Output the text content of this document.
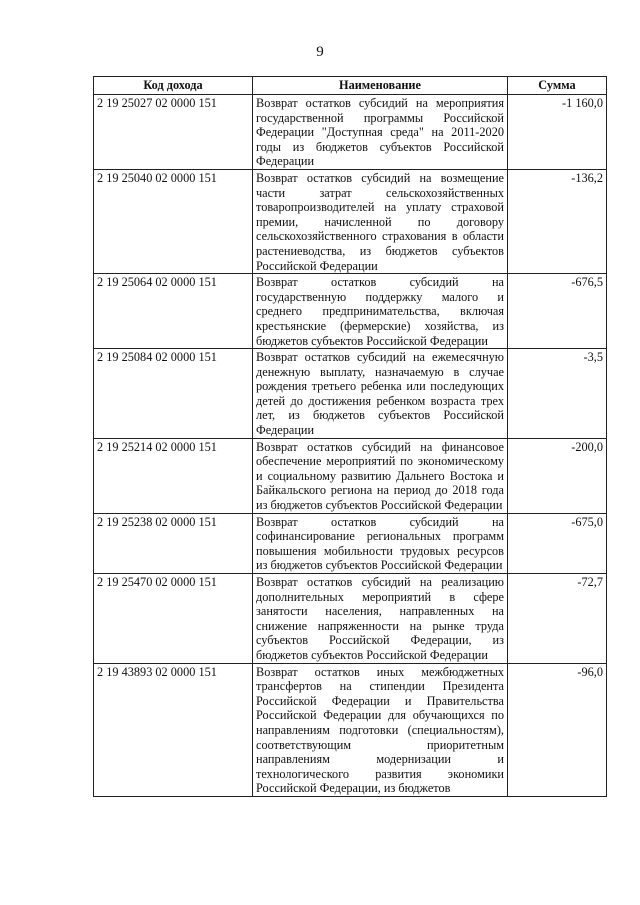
9
Код дохода	Наименование	Сумма
2 19 25027 02 0000 151	Возврат остатков субсидий на мероприятия государственной программы Российской Федерации "Доступная среда" на 2011-2020 годы из бюджетов субъектов Российской Федерации	-1 160,0
2 19 25040 02 0000 151	Возврат остатков субсидий на возмещение части затрат сельскохозяйственных товаропроизводителей на уплату страховой премии, начисленной по договору сельскохозяйственного страхования в области растениеводства, из бюджетов субъектов Российской Федерации	-136,2
2 19 25064 02 0000 151	Возврат остатков субсидий на государственную поддержку малого и среднего предпринимательства, включая крестьянские (фермерские) хозяйства, из бюджетов субъектов Российской Федерации	-676,5
2 19 25084 02 0000 151	Возврат остатков субсидий на ежемесячную денежную выплату, назначаемую в случае рождения третьего ребенка или последующих детей до достижения ребенком возраста трех лет, из бюджетов субъектов Российской Федерации	-3,5
2 19 25214 02 0000 151	Возврат остатков субсидий на финансовое обеспечение мероприятий по экономическому и социальному развитию Дальнего Востока и Байкальского региона на период до 2018 года из бюджетов субъектов Российской Федерации	-200,0
2 19 25238 02 0000 151	Возврат остатков субсидий на софинансирование региональных программ повышения мобильности трудовых ресурсов из бюджетов субъектов Российской Федерации	-675,0
2 19 25470 02 0000 151	Возврат остатков субсидий на реализацию дополнительных мероприятий в сфере занятости населения, направленных на снижение напряженности на рынке труда субъектов Российской Федерации, из бюджетов субъектов Российской Федерации	-72,7
2 19 43893 02 0000 151	Возврат остатков иных межбюджетных трансфертов на стипендии Президента Российской Федерации и Правительства Российской Федерации для обучающихся по направлениям подготовки (специальностям), соответствующим приоритетным направлениям модернизации и технологического развития экономики Российской Федерации, из бюджетов	-96,0
